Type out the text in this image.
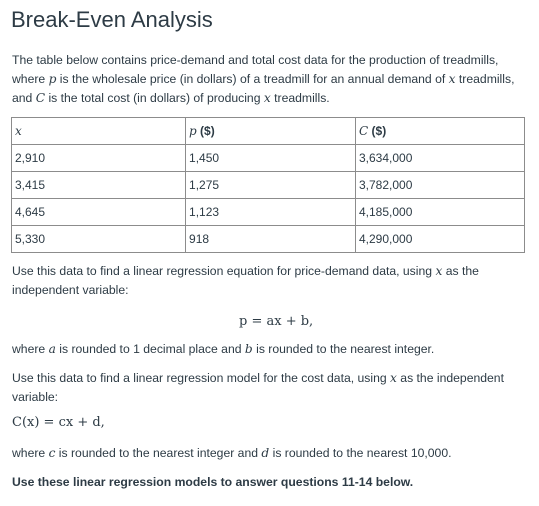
Break-Even Analysis

The table below contains price-demand and total cost data for the production of treadmills, where p is the wholesale price (in dollars) of a treadmill for an annual demand of x treadmills, and C is the total cost (in dollars) of producing x treadmills.

x	p ($)	C ($)
2,910	1,450	3,634,000
3,415	1,275	3,782,000
4,645	1,123	4,185,000
5,330	918	4,290,000

Use this data to find a linear regression equation for price-demand data, using x as the independent variable:

p = ax + b,

where a is rounded to 1 decimal place and b is rounded to the nearest integer.

Use this data to find a linear regression model for the cost data, using x as the independent variable:

C(x) = cx + d,

where c is rounded to the nearest integer and d is rounded to the nearest 10,000.

Use these linear regression models to answer questions 11-14 below.
